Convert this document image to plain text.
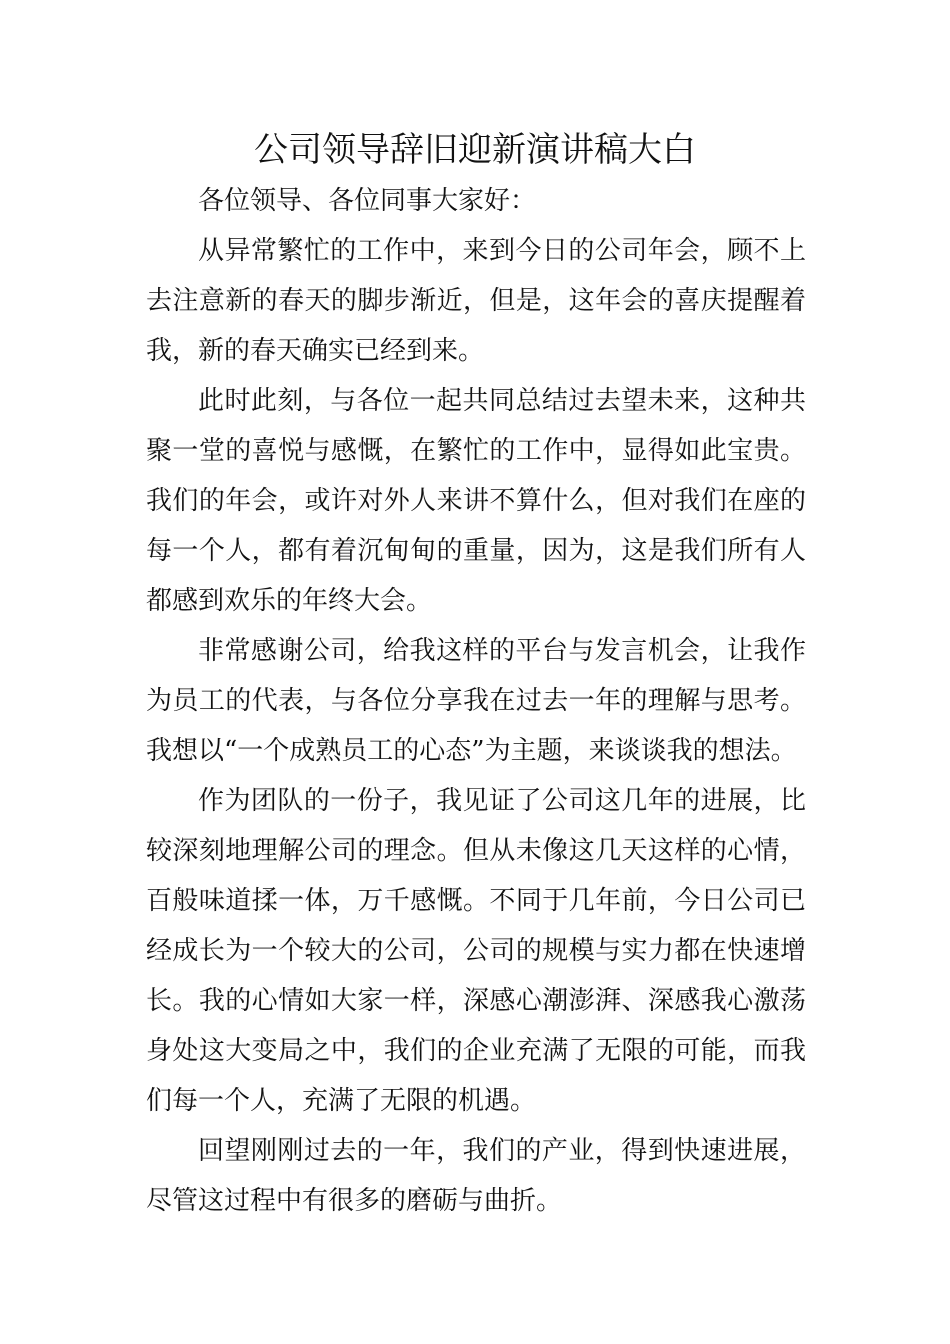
公司领导辞旧迎新演讲稿大白

各位领导、各位同事大家好：

从异常繁忙的工作中，来到今日的公司年会，顾不上去注意新的春天的脚步渐近，但是，这年会的喜庆提醒着我，新的春天确实已经到来。

此时此刻，与各位一起共同总结过去望未来，这种共聚一堂的喜悦与感慨，在繁忙的工作中，显得如此宝贵。我们的年会，或许对外人来讲不算什么，但对我们在座的每一个人，都有着沉甸甸的重量，因为，这是我们所有人都感到欢乐的年终大会。

非常感谢公司，给我这样的平台与发言机会，让我作为员工的代表，与各位分享我在过去一年的理解与思考。我想以“一个成熟员工的心态”为主题，来谈谈我的想法。

作为团队的一份子，我见证了公司这几年的进展，比较深刻地理解公司的理念。但从未像这几天这样的心情，百般味道揉一体，万千感慨。不同于几年前，今日公司已经成长为一个较大的公司，公司的规模与实力都在快速增长。我的心情如大家一样，深感心潮澎湃、深感我心激荡身处这大变局之中，我们的企业充满了无限的可能，而我们每一个人，充满了无限的机遇。

回望刚刚过去的一年，我们的产业，得到快速进展，尽管这过程中有很多的磨砺与曲折。
